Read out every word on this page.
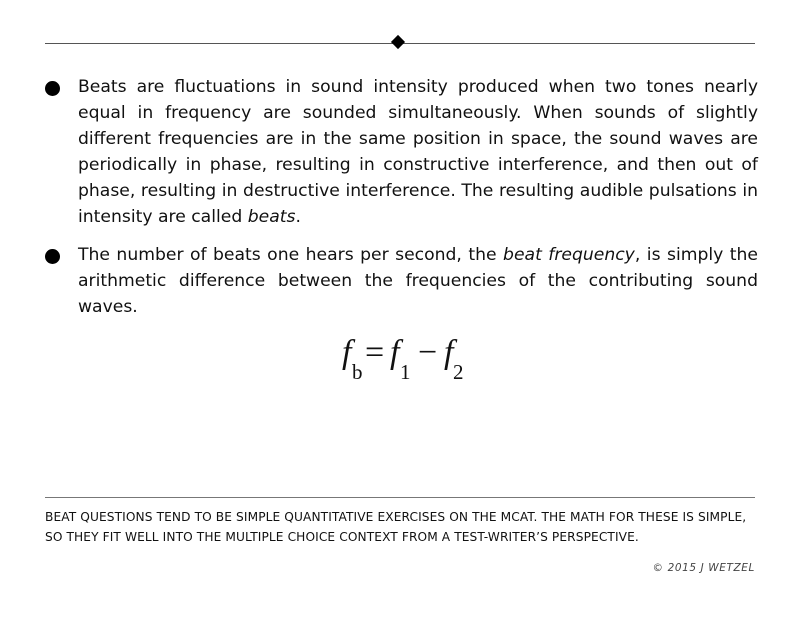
Beats are fluctuations in sound intensity produced when two tones nearly equal in frequency are sounded simultaneously. When sounds of slightly different frequencies are in the same position in space, the sound waves are periodically in phase, resulting in constructive interference, and then out of phase, resulting in destructive interference. The resulting audible pulsations in intensity are called beats.

The number of beats one hears per second, the beat frequency, is simply the arithmetic difference between the frequencies of the contributing sound waves.

f
b
= f
1
− f
2

BEAT QUESTIONS TEND TO BE SIMPLE QUANTITATIVE EXERCISES ON THE MCAT. THE MATH FOR THESE IS SIMPLE, SO THEY FIT WELL INTO THE MULTIPLE CHOICE CONTEXT FROM A TEST-WRITER’S PERSPECTIVE.

© 2015 J WETZEL
